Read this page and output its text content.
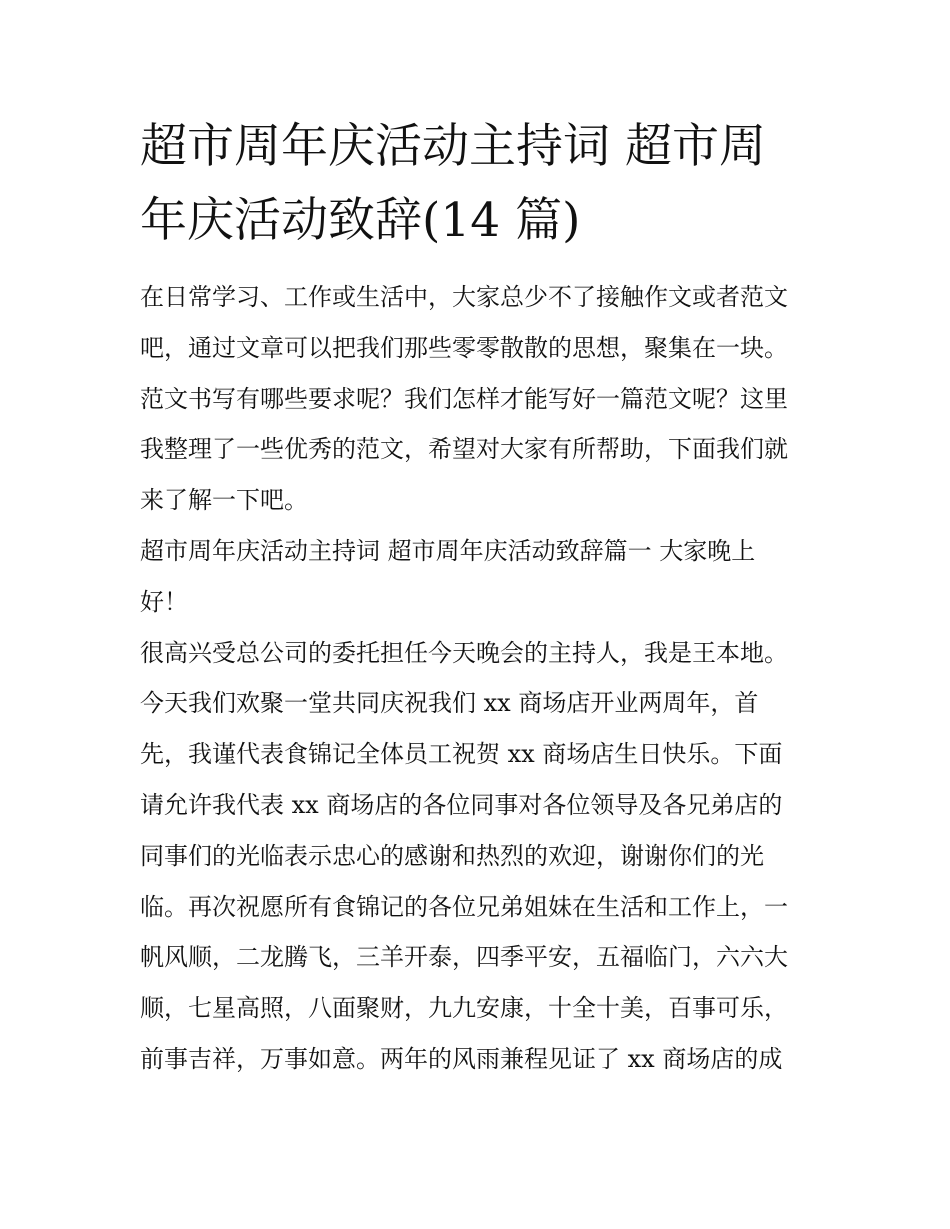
超市周年庆活动主持词 超市周
年庆活动致辞(14 篇)
在日常学习、工作或生活中，大家总少不了接触作文或者范文
吧，通过文章可以把我们那些零零散散的思想，聚集在一块。
范文书写有哪些要求呢？我们怎样才能写好一篇范文呢？这里
我整理了一些优秀的范文，希望对大家有所帮助，下面我们就
来了解一下吧。
超市周年庆活动主持词 超市周年庆活动致辞篇一 大家晚上
好！
很高兴受总公司的委托担任今天晚会的主持人，我是王本地。
今天我们欢聚一堂共同庆祝我们 xx 商场店开业两周年，首
先，我谨代表食锦记全体员工祝贺 xx 商场店生日快乐。下面
请允许我代表 xx 商场店的各位同事对各位领导及各兄弟店的
同事们的光临表示忠心的感谢和热烈的欢迎，谢谢你们的光
临。再次祝愿所有食锦记的各位兄弟姐妹在生活和工作上，一
帆风顺，二龙腾飞，三羊开泰，四季平安，五福临门，六六大
顺，七星高照，八面聚财，九九安康，十全十美，百事可乐，
前事吉祥，万事如意。两年的风雨兼程见证了 xx 商场店的成
